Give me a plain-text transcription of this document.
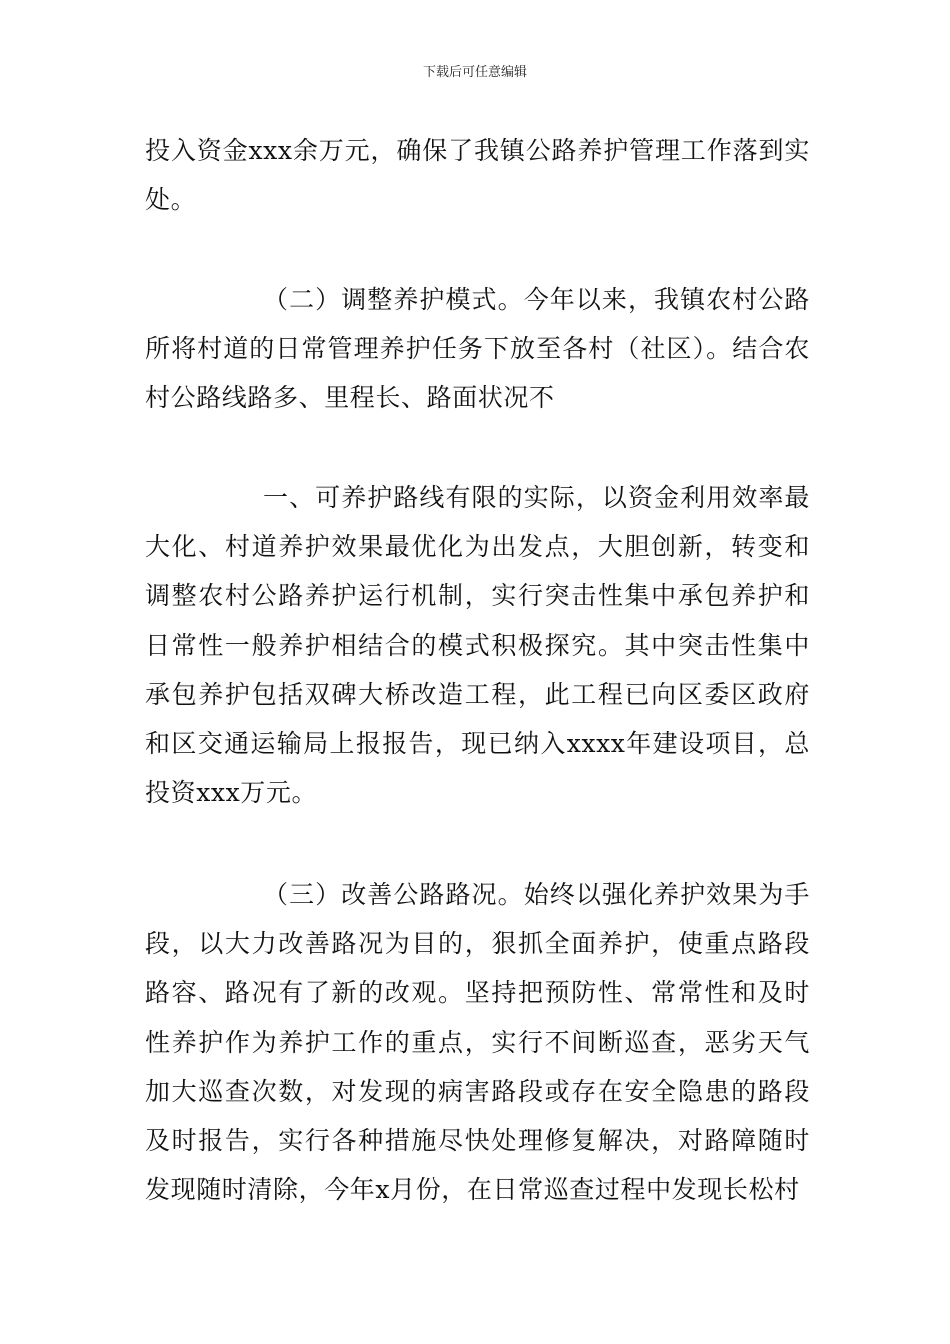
下载后可任意编辑

投入资金xxx余万元，确保了我镇公路养护管理工作落到实处。

（二）调整养护模式。今年以来，我镇农村公路所将村道的日常管理养护任务下放至各村（社区）。结合农村公路线路多、里程长、路面状况不

一、可养护路线有限的实际，以资金利用效率最大化、村道养护效果最优化为出发点，大胆创新，转变和调整农村公路养护运行机制，实行突击性集中承包养护和日常性一般养护相结合的模式积极探究。其中突击性集中承包养护包括双碑大桥改造工程，此工程已向区委区政府和区交通运输局上报报告，现已纳入xxxx年建设项目，总投资xxx万元。

（三）改善公路路况。始终以强化养护效果为手段，以大力改善路况为目的，狠抓全面养护，使重点路段路容、路况有了新的改观。坚持把预防性、常常性和及时性养护作为养护工作的重点，实行不间断巡查，恶劣天气加大巡查次数，对发现的病害路段或存在安全隐患的路段及时报告，实行各种措施尽快处理修复解决，对路障随时发现随时清除，今年x月份，在日常巡查过程中发现长松村
